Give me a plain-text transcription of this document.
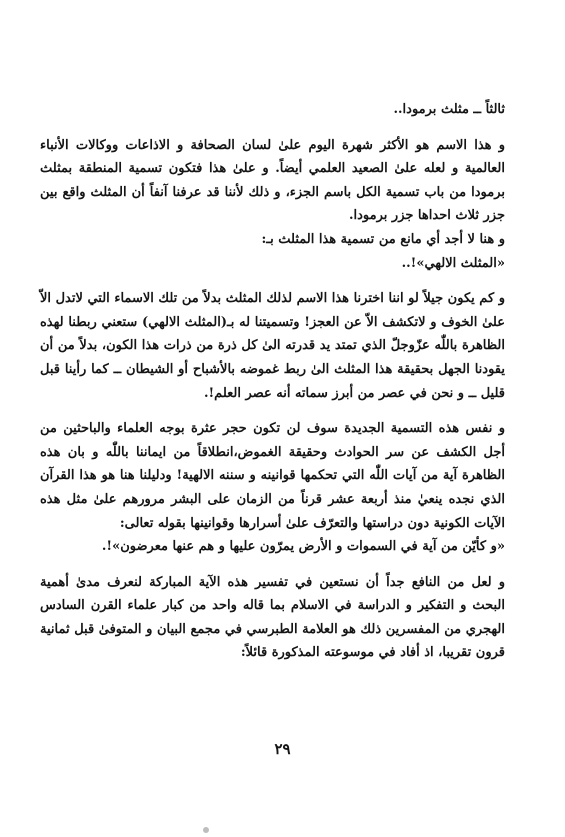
ثالثاً ــ مثلث برمودا..

و هذا الاسم هو الأكثر شهرة اليوم علىٰ لسان الصحافة و الاذاعات ووكالات الأنباء العالمية و لعله علىٰ الصعيد العلمي أيضاً. و علىٰ هذا فتكون تسمية المنطقة بمثلث برمودا من باب تسمية الكل باسم الجزء، و ذلك لأننا قد عرفنا آنفاً أن المثلث واقع بين جزر ثلاث احداها جزر برمودا.

و هنا لا أجد أي مانع من تسمية هذا المثلث بـ:

«المثلث الالهي»!..

و كم يكون جيلاً لو اننا اخترنا هذا الاسم لذلك المثلث بدلاً من تلك الاسماء التي لاتدل الاّ علىٰ الخوف و لاتكشف الاّ عن العجز! وتسميتنا له بـ(المثلث الالهي) ستعني ربطنا لهذه الظاهرة باللّٰه عزّوجلّ الذي تمتد يد قدرته الىٰ كل ذرة من ذرات هذا الكون، بدلاً من أن يقودنا الجهل بحقيقة هذا المثلث الىٰ ربط غموضه بالأشباح أو الشيطان ــ كما رأينا قبل قليل ــ و نحن في عصر من أبرز سماته أنه عصر العلم!.

و نفس هذه التسمية الجديدة سوف لن تكون حجر عثرة بوجه العلماء والباحثين من أجل الكشف عن سر الحوادث وحقيقة الغموض،انطلاقاً من ايماننا باللّٰه و بان هذه الظاهرة آية من آيات اللّٰه التي تحكمها قوانينه و سننه الالهية! ودليلنا هنا هو هذا القرآن الذي نجده ينعيٰ منذ أربعة عشر قرناً من الزمان على البشر مرورهم علىٰ مثل هذه الآيات الكونية دون دراستها والتعرّف علىٰ أسرارها وقوانينها بقوله تعالى:

«و كأيّن من آية في السموات و الأرض يمرّون عليها و هم عنها معرضون»!.

و لعل من النافع جداً أن نستعين في تفسير هذه الآية المباركة لنعرف مدىٰ أهمية البحث و التفكير و الدراسة في الاسلام بما قاله واحد من كبار علماء القرن السادس الهجري من المفسرين ذلك هو العلامة الطبرسي في مجمع البيان و المتوفىٰ قبل ثمانية قرون تقريبا، اذ أفاد في موسوعته المذكورة قائلاً:

٢٩
